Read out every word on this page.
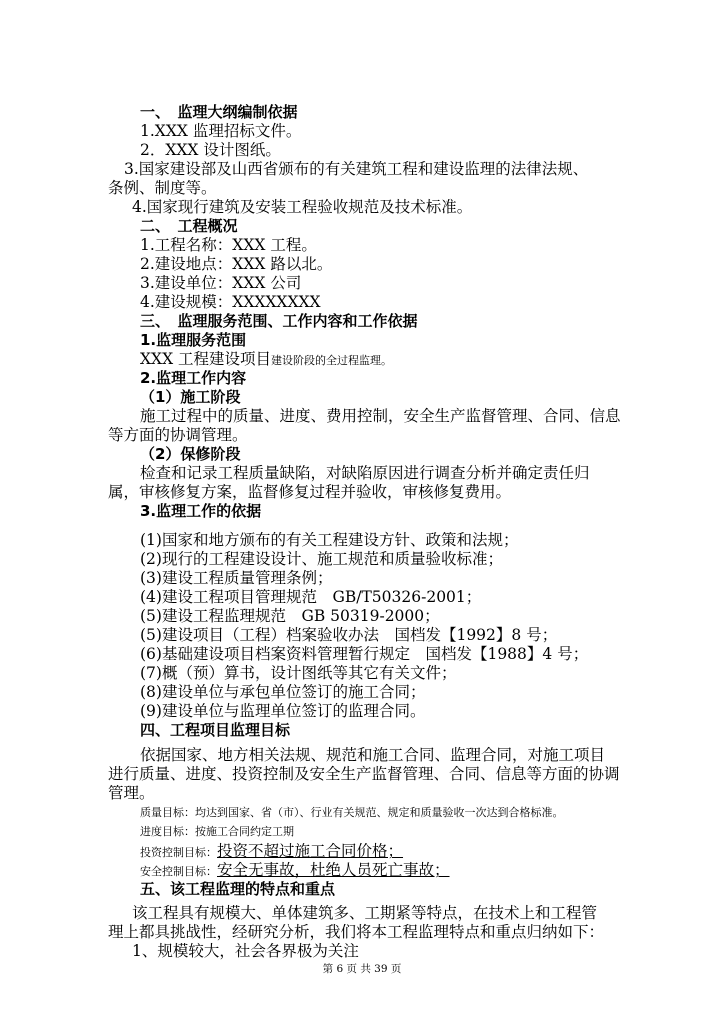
一、　监理大纲编制依据
1.XXX 监理招标文件。
2．XXX 设计图纸。
3.国家建设部及山西省颁布的有关建筑工程和建设监理的法律法规、
条例、制度等。
4.国家现行建筑及安装工程验收规范及技术标准。
二、　工程概况
1.工程名称：XXX 工程。
2.建设地点：XXX 路以北。
3.建设单位：XXX 公司
4.建设规模：XXXXXXXX
三、　监理服务范围、工作内容和工作依据
1.监理服务范围
XXX 工程建设项目建设阶段的全过程监理。
2.监理工作内容
（1）施工阶段
施工过程中的质量、进度、费用控制，安全生产监督管理、合同、信息
等方面的协调管理。
（2）保修阶段
检查和记录工程质量缺陷，对缺陷原因进行调查分析并确定责任归
属，审核修复方案，监督修复过程并验收，审核修复费用。
3.监理工作的依据
(1)国家和地方颁布的有关工程建设方针、政策和法规；
(2)现行的工程建设设计、施工规范和质量验收标准；
(3)建设工程质量管理条例；
(4)建设工程项目管理规范　GB/T50326-2001；
(5)建设工程监理规范　GB 50319-2000；
(5)建设项目（工程）档案验收办法　国档发【1992】8 号；
(6)基础建设项目档案资料管理暂行规定　国档发【1988】4 号；
(7)概（预）算书，设计图纸等其它有关文件；
(8)建设单位与承包单位签订的施工合同；
(9)建设单位与监理单位签订的监理合同。
四、工程项目监理目标
依据国家、地方相关法规、规范和施工合同、监理合同，对施工项目
进行质量、进度、投资控制及安全生产监督管理、合同、信息等方面的协调
管理。
质量目标：均达到国家、省（市）、行业有关规范、规定和质量验收一次达到合格标准。
进度目标：按施工合同约定工期
投资控制目标：投资不超过施工合同价格；
安全控制目标：安全无事故，杜绝人员死亡事故；
五、该工程监理的特点和重点
该工程具有规模大、单体建筑多、工期紧等特点，在技术上和工程管
理上都具挑战性，经研究分析，我们将本工程监理特点和重点归纳如下：
1、规模较大，社会各界极为关注
第 6 页 共 39 页
